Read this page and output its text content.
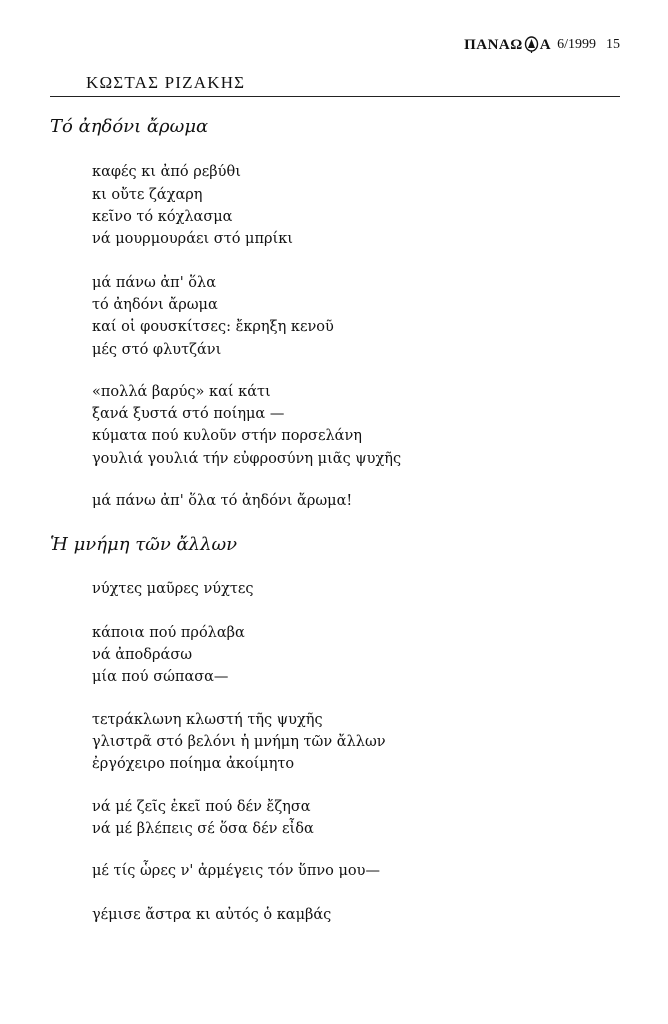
ΠΑΝΑΩ Α 6/1999 15
ΚΩΣΤΑΣ ΡΙΖΑΚΗΣ
Τό ἀηδόνι ἄρωμα
καφές κι ἀπό ρεβύθι
κι οὔτε ζάχαρη
κεῖνο τό κόχλασμα
νά μουρμουράει στό μπρίκι
μά πάνω ἀπ' ὅλα
τό ἀηδόνι ἄρωμα
καί οἱ φουσκίτσες: ἔκρηξη κενοῦ
μές στό φλυτζάνι
«πολλά βαρύς» καί κάτι
ξανά ξυστά στό ποίημα —
κύματα πού κυλοῦν στήν πορσελάνη
γουλιά γουλιά τήν εὐφροσύνη μιᾶς ψυχῆς
μά πάνω ἀπ' ὅλα τό ἀηδόνι ἄρωμα!
Ἡ μνήμη τῶν ἄλλων
νύχτες μαῦρες νύχτες
κάποια πού πρόλαβα
νά ἀποδράσω
μία πού σώπασα—
τετράκλωνη κλωστή τῆς ψυχῆς
γλιστρᾶ στό βελόνι ἡ μνήμη τῶν ἄλλων
ἐργόχειρο ποίημα ἀκοίμητο
νά μέ ζεῖς ἐκεῖ πού δέν ἔζησα
νά μέ βλέπεις σέ ὅσα δέν εἶδα
μέ τίς ὧρες ν' ἀρμέγεις τόν ὕπνο μου—
γέμισε ἄστρα κι αὐτός ὁ καμβάς
